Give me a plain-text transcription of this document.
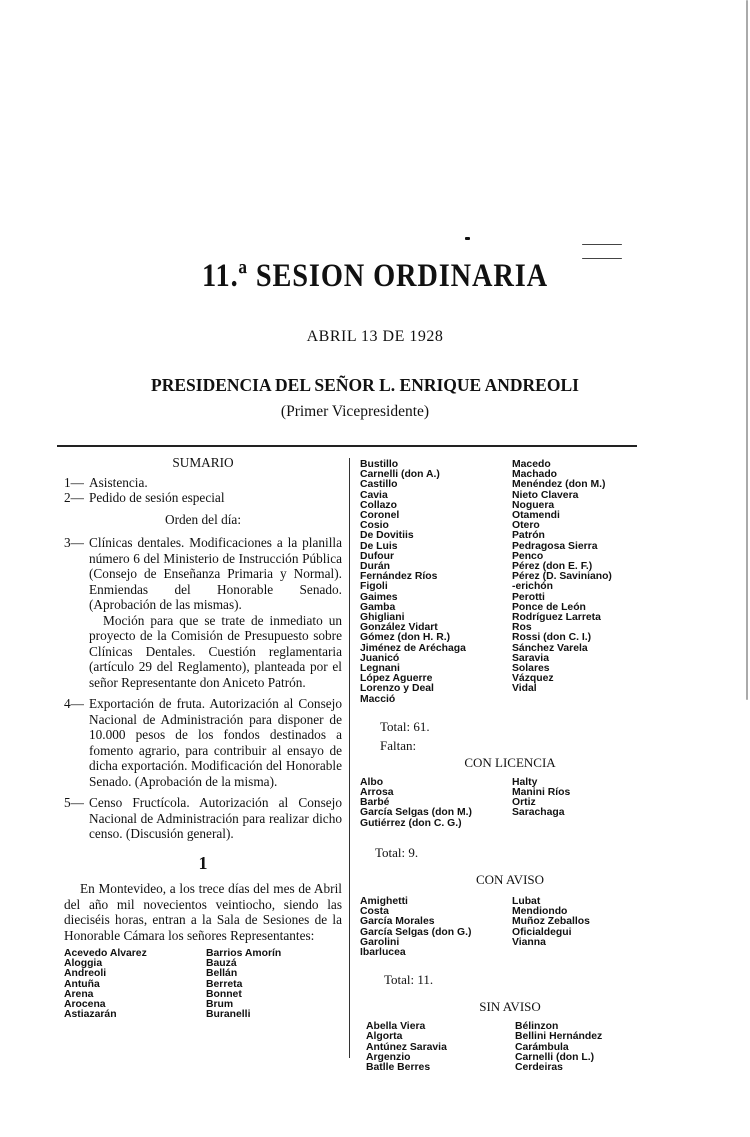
11.ª SESION ORDINARIA
ABRIL 13 DE 1928
PRESIDENCIA DEL SEÑOR L. ENRIQUE ANDREOLI
(Primer Vicepresidente)

SUMARIO

1— Asistencia.
2— Pedido de sesión especial

Orden del día:

3— Clínicas dentales. Modificaciones a la planilla número 6 del Ministerio de Instrucción Pública (Consejo de Enseñanza Primaria y Normal). Enmiendas del Honorable Senado. (Aprobación de las mismas).
Moción para que se trate de inmediato un proyecto de la Comisión de Presupuesto sobre Clínicas Dentales. Cuestión reglamentaria (artículo 29 del Reglamento), planteada por el señor Representante don Aniceto Patrón.
4— Exportación de fruta. Autorización al Consejo Nacional de Administración para disponer de 10.000 pesos de los fondos destinados a fomento agrario, para contribuir al ensayo de dicha exportación. Modificación del Honorable Senado. (Aprobación de la misma).
5— Censo Fructícola. Autorización al Consejo Nacional de Administración para realizar dicho censo. (Discusión general).
1

En Montevideo, a los trece días del mes de Abril del año mil novecientos veintiocho, siendo las dieciséis horas, entran a la Sala de Sesiones de la Honorable Cámara los señores Representantes:

Acevedo Alvarez
Aloggia
Andreoli
Antuña
Arena
Arocena
Astiazarán
Barrios Amorín
Bauzá
Bellán
Berreta
Bonnet
Brum
Buranelli
Bustillo
Carnelli (don A.)
Castillo
Cavia
Collazo
Coronel
Cosio
De Dovitiis
De Luis
Dufour
Durán
Fernández Ríos
Figoli
Gaimes
Gamba
Ghigliani
González Vidart
Gómez (don H. R.)
Jiménez de Aréchaga
Juanicó
Legnani
López Aguerre
Lorenzo y Deal
Macció
Macedo
Machado
Menéndez (don M.)
Nieto Clavera
Noguera
Otamendi
Otero
Patrón
Pedragosa Sierra
Penco
Pérez (don E. F.)
Pérez (D. Saviniano)
-erichón
Perotti
Ponce de León
Rodríguez Larreta
Ros
Rossi (don C. I.)
Sánchez Varela
Saravia
Solares
Vázquez
Vidal
Total: 61.
Faltan:
CON LICENCIA
Albo
Arrosa
Barbé
García Selgas (don M.)
Gutiérrez (don C. G.)
Halty
Manini Ríos
Ortiz
Sarachaga
Total: 9.
CON AVISO
Amighetti
Costa
García Morales
García Selgas (don G.)
Garolini
Ibarlucea
Lubat
Mendiondo
Muñoz Zeballos
Oficialdegui
Vianna
Total: 11.
SIN AVISO
Abella Viera
Algorta
Antúnez Saravia
Argenzio
Batlle Berres
Bélinzon
Bellini Hernández
Carámbula
Carnelli (don L.)
Cerdeiras
